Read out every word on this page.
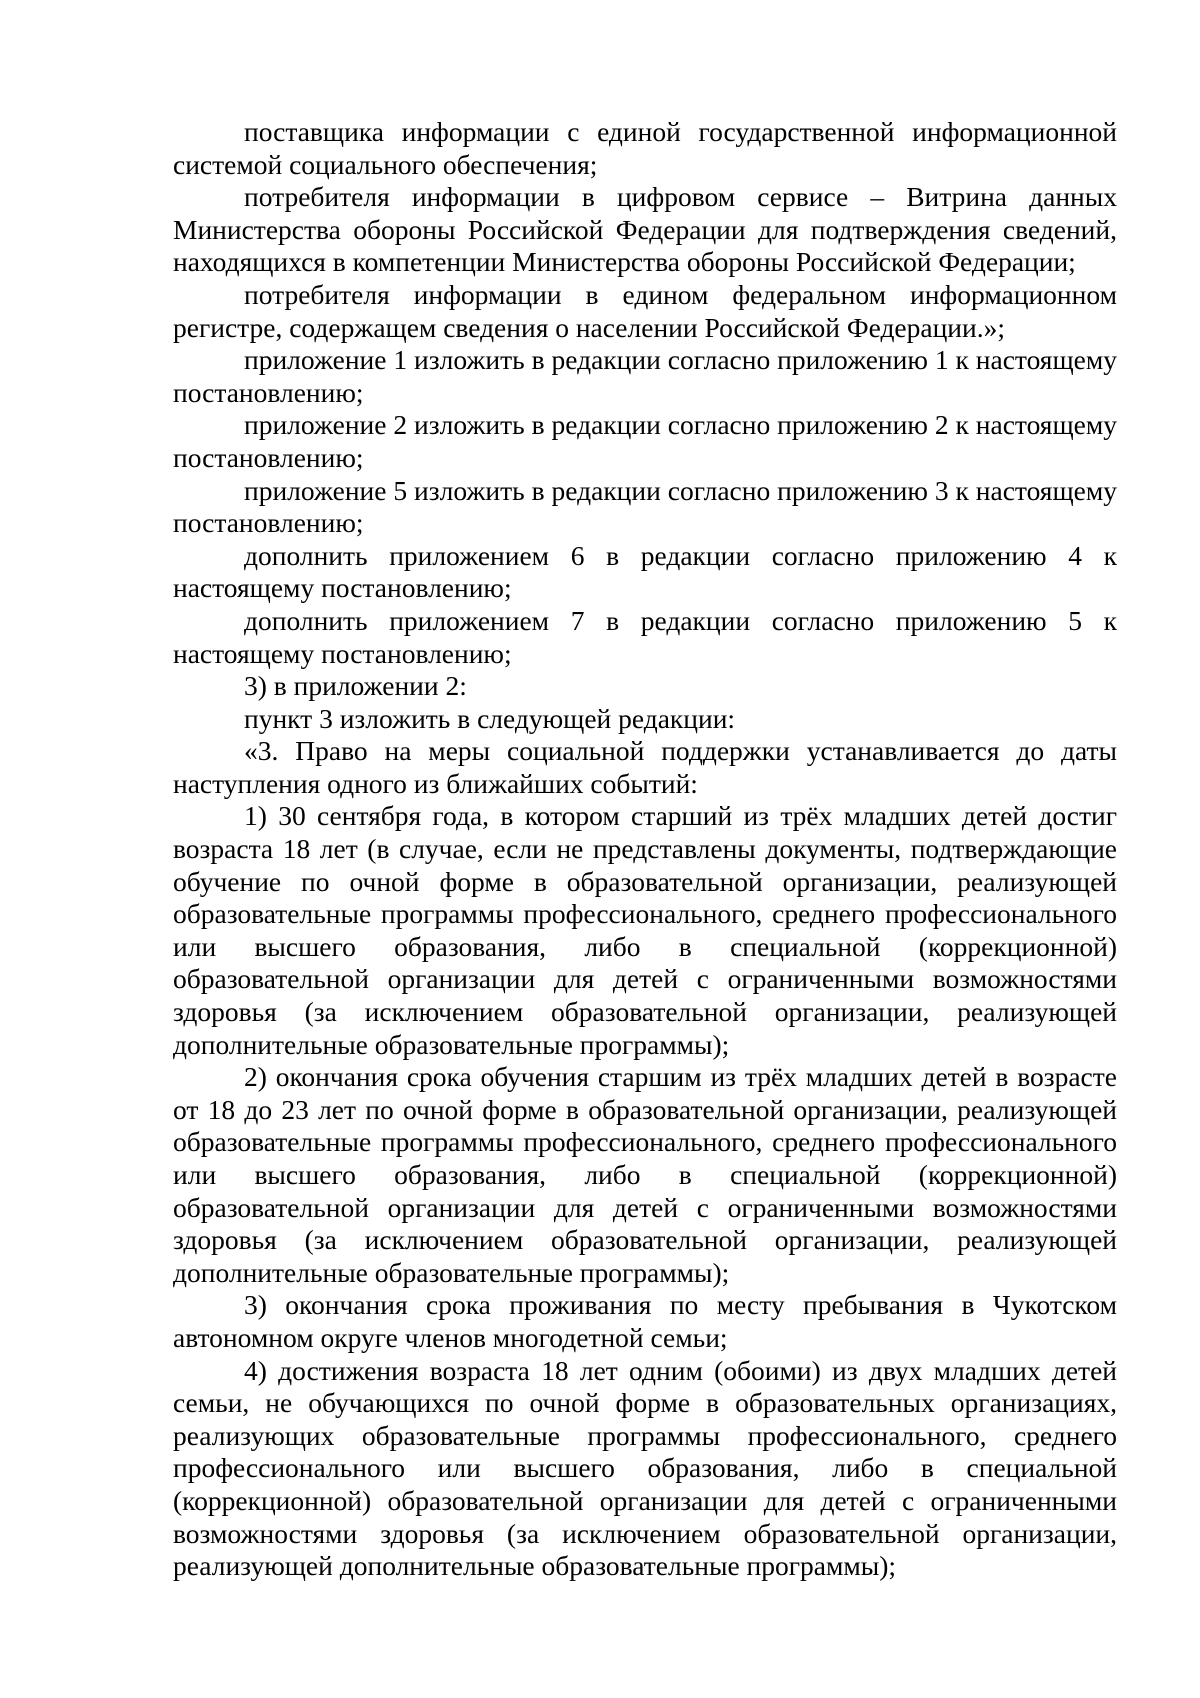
поставщика информации с единой государственной информационной системой социального обеспечения;

потребителя информации в цифровом сервисе – Витрина данных Министерства обороны Российской Федерации для подтверждения сведений, находящихся в компетенции Министерства обороны Российской Федерации;

потребителя информации в едином федеральном информационном регистре, содержащем сведения о населении Российской Федерации.»;

приложение 1 изложить в редакции согласно приложению 1 к настоящему постановлению;

приложение 2 изложить в редакции согласно приложению 2 к настоящему постановлению;

приложение 5 изложить в редакции согласно приложению 3 к настоящему постановлению;

дополнить приложением 6 в редакции согласно приложению 4 к настоящему постановлению;

дополнить приложением 7 в редакции согласно приложению 5 к настоящему постановлению;

3) в приложении 2:

пункт 3 изложить в следующей редакции:

«3. Право на меры социальной поддержки устанавливается до даты наступления одного из ближайших событий:

1) 30 сентября года, в котором старший из трёх младших детей достиг возраста 18 лет (в случае, если не представлены документы, подтверждающие обучение по очной форме в образовательной организации, реализующей образовательные программы профессионального, среднего профессионального или высшего образования, либо в специальной (коррекционной) образовательной организации для детей с ограниченными возможностями здоровья (за исключением образовательной организации, реализующей дополнительные образовательные программы);

2) окончания срока обучения старшим из трёх младших детей в возрасте от 18 до 23 лет по очной форме в образовательной организации, реализующей образовательные программы профессионального, среднего профессионального или высшего образования, либо в специальной (коррекционной) образовательной организации для детей с ограниченными возможностями здоровья (за исключением образовательной организации, реализующей дополнительные образовательные программы);

3) окончания срока проживания по месту пребывания в Чукотском автономном округе членов многодетной семьи;

4) достижения возраста 18 лет одним (обоими) из двух младших детей семьи, не обучающихся по очной форме в образовательных организациях, реализующих образовательные программы профессионального, среднего профессионального или высшего образования, либо в специальной (коррекционной) образовательной организации для детей с ограниченными возможностями здоровья (за исключением образовательной организации, реализующей дополнительные образовательные программы);
